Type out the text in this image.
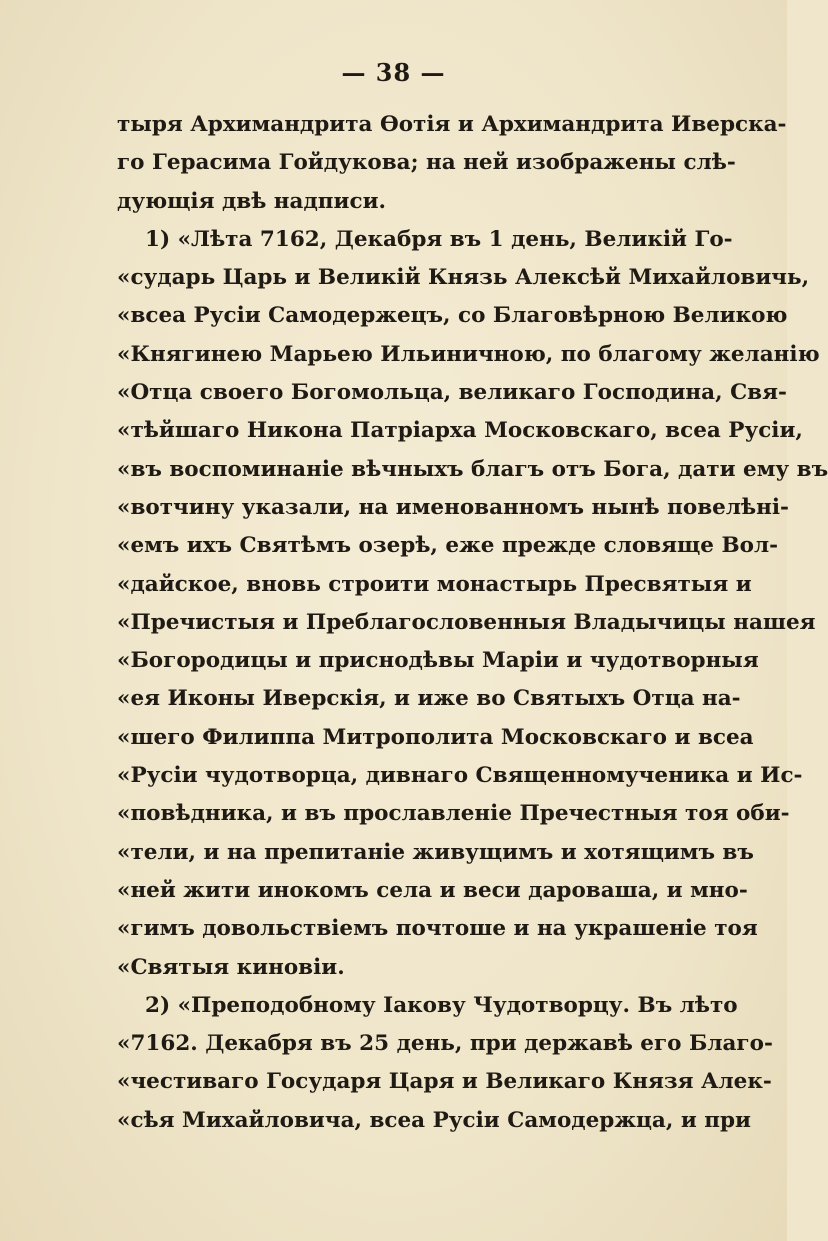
— 38 —
тыря Архимандрита Ѳотія и Архимандрита Иверска-
го Герасима Гойдукова; на ней изображены слѣ-
дующія двѣ надписи.
1) «Лѣта 7162, Декабря въ 1 день, Великій Го-
«сударь Царь и Великій Князь Алексѣй Михайловичь,
«всеа Русіи Самодержецъ, со Благовѣрною Великою
«Княгинею Марьею Ильиничною, по благому желанію
«Отца своего Богомольца, великаго Господина, Свя-
«тѣйшаго Никона Патріарха Московскаго, всеа Русіи,
«въ воспоминаніе вѣчныхъ благъ отъ Бога, дати ему въ
«вотчину указали, на именованномъ нынѣ повелѣні-
«емъ ихъ Святѣмъ озерѣ, еже прежде словяще Вол-
«дайское, вновь строити монастырь Пресвятыя и
«Пречистыя и Преблагословенныя Владычицы нашея
«Богородицы и приснодѣвы Маріи и чудотворныя
«ея Иконы Иверскія, и иже во Святыхъ Отца на-
«шего Филиппа Митрополита Московскаго и всеа
«Русіи чудотворца, дивнаго Священномученика и Ис-
«повѣдника, и въ прославленіе Пречестныя тоя оби-
«тели, и на препитаніе живущимъ и хотящимъ въ
«ней жити инокомъ села и веси дароваша, и мно-
«гимъ довольствіемъ почтоше и на украшеніе тоя
«Святыя киновіи.
2) «Преподобному Іакову Чудотворцу. Въ лѣто
«7162. Декабря въ 25 день, при державѣ его Благо-
«честиваго Государя Царя и Великаго Князя Алек-
«сѣя Михайловича, всеа Русіи Самодержца, и при
